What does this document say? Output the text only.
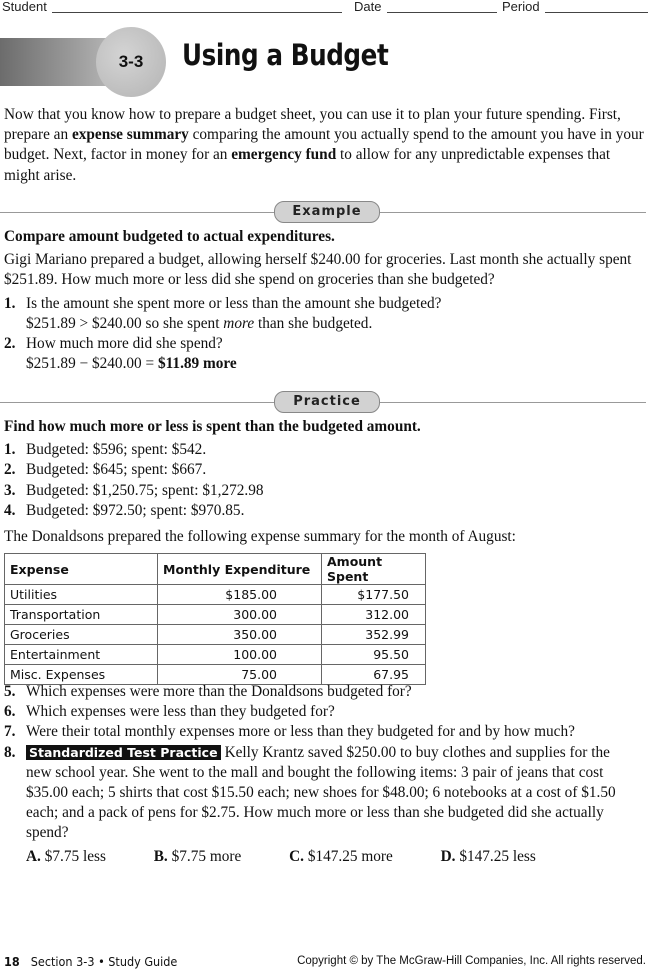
Student	Date	Period
3-3	Using a Budget
Now that you know how to prepare a budget sheet, you can use it to plan your future spending. First, prepare an expense summary comparing the amount you actually spend to the amount you have in your budget. Next, factor in money for an emergency fund to allow for any unpredictable expenses that might arise.
Example
Compare amount budgeted to actual expenditures.
Gigi Mariano prepared a budget, allowing herself $240.00 for groceries. Last month she actually spent $251.89. How much more or less did she spend on groceries than she budgeted?
1. Is the amount she spent more or less than the amount she budgeted?
$251.89 > $240.00 so she spent more than she budgeted.
2. How much more did she spend?
$251.89 − $240.00 = $11.89 more
Practice
Find how much more or less is spent than the budgeted amount.
1. Budgeted: $596; spent: $542.
2. Budgeted: $645; spent: $667.
3. Budgeted: $1,250.75; spent: $1,272.98
4. Budgeted: $972.50; spent: $970.85.
The Donaldsons prepared the following expense summary for the month of August:
Expense	Monthly Expenditure	Amount Spent
Utilities	$185.00	$177.50
Transportation	300.00	312.00
Groceries	350.00	352.99
Entertainment	100.00	95.50
Misc. Expenses	75.00	67.95
5. Which expenses were more than the Donaldsons budgeted for?
6. Which expenses were less than they budgeted for?
7. Were their total monthly expenses more or less than they budgeted for and by how much?
8.	Standardized Test Practice Kelly Krantz saved $250.00 to buy clothes and supplies for the new school year. She went to the mall and bought the following items: 3 pair of jeans that cost $35.00 each; 5 shirts that cost $15.50 each; new shoes for $48.00; 6 notebooks at a cost of $1.50 each; and a pack of pens for $2.75. How much more or less than she budgeted did she actually spend?
A. $7.75 less	B. $7.75 more	C. $147.25 more	D. $147.25 less
18 Section 3-3 • Study Guide	Copyright © by The McGraw-Hill Companies, Inc. All rights reserved.
